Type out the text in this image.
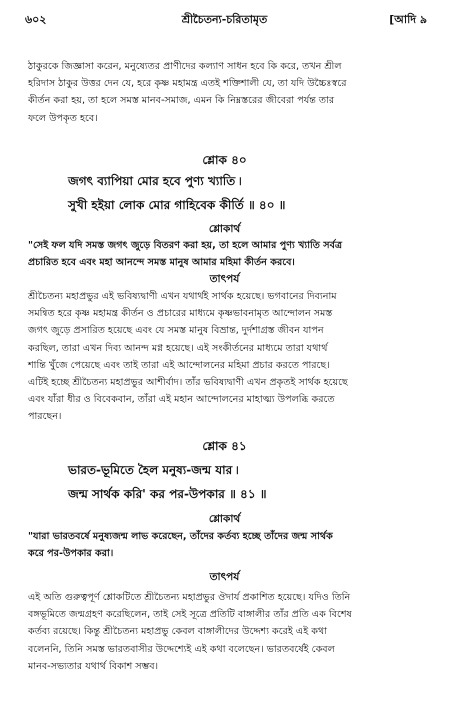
শ্রীচৈতন্য-চরিতামৃত
৬০২	[আদি ৯
ঠাকুরকে জিজ্ঞাসা করেন, মনুষ্যেতর প্রাণীদের কল্যাণ সাধন হবে কি করে, তখন শ্রীল
হরিদাস ঠাকুর উত্তর দেন যে, হরে কৃষ্ণ মহামন্ত্র এতই শক্তিশালী যে, তা যদি উচ্চৈঃস্বরে
কীর্তন করা হয়, তা হলে সমস্ত মানব-সমাজ, এমন কি নিম্নস্তরের জীবেরা পর্যন্ত তার
ফলে উপকৃত হবে।
শ্লোক ৪০
জগৎ ব্যাপিয়া মোর হবে পুণ্য খ্যাতি ৷
সুখী হইয়া লোক মোর গাহিবেক কীর্তি ॥ ৪০ ॥
শ্লোকার্থ
"সেই ফল যদি সমস্ত জগৎ জুড়ে বিতরণ করা হয়, তা হলে আমার পুণ্য খ্যাতি সর্বত্র
প্রচারিত হবে এবং মহা আনন্দে সমস্ত মানুষ আমার মহিমা কীর্তন করবে।
তাৎপর্য
শ্রীচৈতন্য মহাপ্রভুর এই ভবিষ্যদ্বাণী এখন যথার্থই সার্থক হয়েছে। ভগবানের দিব্যনাম
সমন্বিত হরে কৃষ্ণ মহামন্ত্র কীর্তন ও প্রচারের মাধ্যমে কৃষ্ণভাবনামৃত আন্দোলন সমস্ত
জগৎ জুড়ে প্রসারিত হয়েছে এবং যে সমস্ত মানুষ বিভ্রান্ত, দুর্দশাগ্রস্ত জীবন যাপন
করছিল, তারা এখন দিব্য আনন্দ মগ্ন হয়েছে। এই সংকীর্তনের মাধ্যমে তারা যথার্থ
শান্তি খুঁজে পেয়েছে এবং তাই তারা এই আন্দোলনের মহিমা প্রচার করতে পারছে।
এটিই হচ্ছে শ্রীচৈতন্য মহাপ্রভুর আশীর্বাদ। তাঁর ভবিষ্যদ্বাণী এখন প্রকৃতই সার্থক হয়েছে
এবং যাঁরা ধীর ও বিবেকবান, তাঁরা এই মহান আন্দোলনের মাহাত্ম্য উপলব্ধি করতে
পারছেন।
শ্লোক ৪১
ভারত-ভূমিতে হৈল মনুষ্য-জন্ম যার ৷
জন্ম সার্থক করি' কর পর-উপকার ॥ ৪১ ॥
শ্লোকার্থ
"যারা ভারতবর্ষে মনুষ্যজন্ম লাভ করেছেন, তাঁদের কর্তব্য হচ্ছে তাঁদের জন্ম সার্থক
করে পর-উপকার করা।
তাৎপর্য
এই অতি গুরুত্বপূর্ণ শ্লোকটিতে শ্রীচৈতন্য মহাপ্রভুর ঔদার্য প্রকাশিত হয়েছে। যদিও তিনি
বঙ্গভূমিতে জন্মগ্রহণ করেছিলেন, তাই সেই সূত্রে প্রতিটি বাঙ্গালীর তাঁর প্রতি এক বিশেষ
কর্তব্য রয়েছে। কিন্তু শ্রীচৈতন্য মহাপ্রভু কেবল বাঙ্গালীদের উদ্দেশ্য করেই এই কথা
বলেননি, তিনি সমস্ত ভারতবাসীর উদ্দেশ্যেই এই কথা বলেছেন। ভারতবর্ষেই কেবল
মানব-সভ্যতার যথার্থ বিকাশ সম্ভব।
